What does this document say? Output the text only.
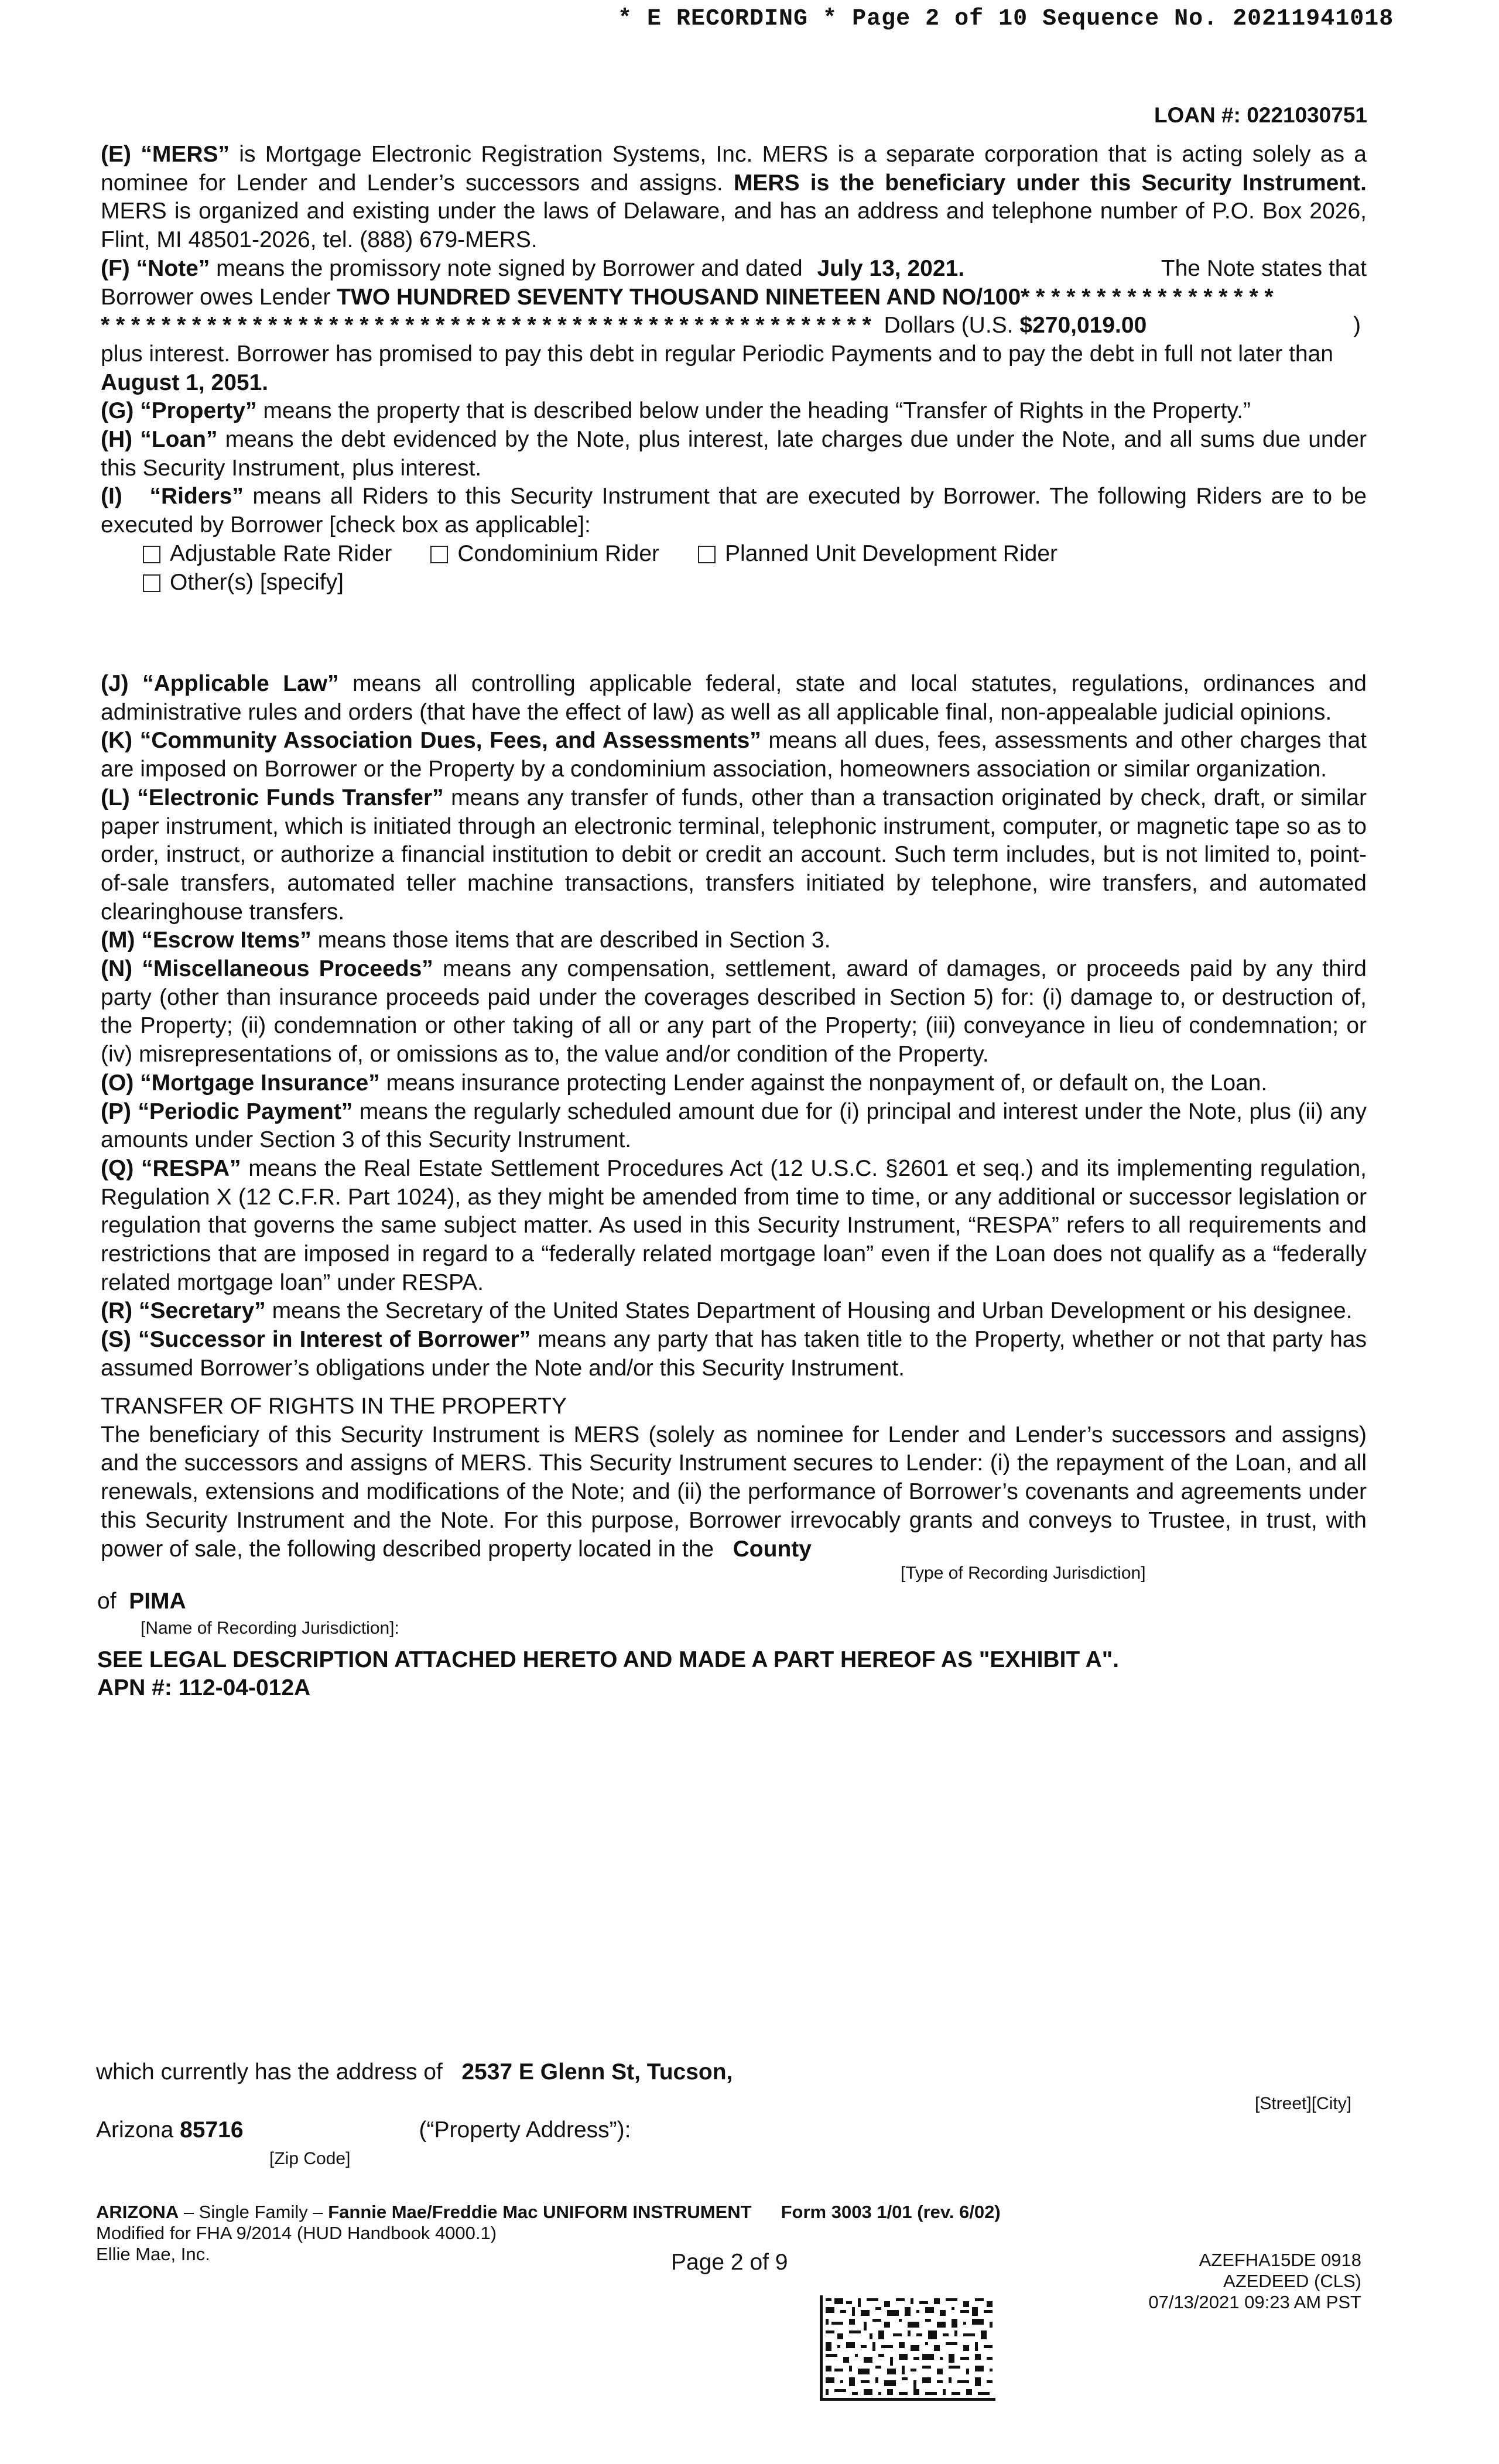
* E RECORDING * Page 2 of 10 Sequence No. 20211941018
LOAN #: 0221030751

(E) “MERS” is Mortgage Electronic Registration Systems, Inc. MERS is a separate corporation that is acting solely as a nominee for Lender and Lender’s successors and assigns. MERS is the beneficiary under this Security Instrument. MERS is organized and existing under the laws of Delaware, and has an address and telephone number of P.O. Box 2026, Flint, MI 48501-2026, tel. (888) 679-MERS.

(F) “Note” means the promissory note signed by Borrower and dated July 13, 2021.	The Note states that

Borrower owes Lender TWO HUNDRED SEVENTY THOUSAND NINETEEN AND NO/100* * * * * * * * * * * * * * * * *
* * * * * * * * * * * * * * * * * * * * * * * * * * * * * * * * * * * * * * * * * * * * * * * * * * * Dollars (U.S. $270,019.00	)

plus interest. Borrower has promised to pay this debt in regular Periodic Payments and to pay the debt in full not later than
August 1, 2051.

(G) “Property” means the property that is described below under the heading “Transfer of Rights in the Property.”

(H) “Loan” means the debt evidenced by the Note, plus interest, late charges due under the Note, and all sums due under this Security Instrument, plus interest.

(I) “Riders” means all Riders to this Security Instrument that are executed by Borrower. The following Riders are to be executed by Borrower [check box as applicable]:

Adjustable Rate Rider	Condominium Rider	Planned Unit Development Rider
Other(s) [specify]

(J) “Applicable Law” means all controlling applicable federal, state and local statutes, regulations, ordinances and administrative rules and orders (that have the effect of law) as well as all applicable final, non-appealable judicial opinions.

(K) “Community Association Dues, Fees, and Assessments” means all dues, fees, assessments and other charges that are imposed on Borrower or the Property by a condominium association, homeowners association or similar organization.

(L) “Electronic Funds Transfer” means any transfer of funds, other than a transaction originated by check, draft, or similar paper instrument, which is initiated through an electronic terminal, telephonic instrument, computer, or magnetic tape so as to order, instruct, or authorize a financial institution to debit or credit an account. Such term includes, but is not limited to, point-of-sale transfers, automated teller machine transactions, transfers initiated by telephone, wire transfers, and automated clearinghouse transfers.

(M) “Escrow Items” means those items that are described in Section 3.

(N) “Miscellaneous Proceeds” means any compensation, settlement, award of damages, or proceeds paid by any third party (other than insurance proceeds paid under the coverages described in Section 5) for: (i) damage to, or destruction of, the Property; (ii) condemnation or other taking of all or any part of the Property; (iii) conveyance in lieu of condemnation; or (iv) misrepresentations of, or omissions as to, the value and/or condition of the Property.

(O) “Mortgage Insurance” means insurance protecting Lender against the nonpayment of, or default on, the Loan.

(P) “Periodic Payment” means the regularly scheduled amount due for (i) principal and interest under the Note, plus (ii) any amounts under Section 3 of this Security Instrument.

(Q) “RESPA” means the Real Estate Settlement Procedures Act (12 U.S.C. §2601 et seq.) and its implementing regulation, Regulation X (12 C.F.R. Part 1024), as they might be amended from time to time, or any additional or successor legislation or regulation that governs the same subject matter. As used in this Security Instrument, “RESPA” refers to all requirements and restrictions that are imposed in regard to a “federally related mortgage loan” even if the Loan does not qualify as a “federally related mortgage loan” under RESPA.

(R) “Secretary” means the Secretary of the United States Department of Housing and Urban Development or his designee.

(S) “Successor in Interest of Borrower” means any party that has taken title to the Property, whether or not that party has assumed Borrower’s obligations under the Note and/or this Security Instrument.

TRANSFER OF RIGHTS IN THE PROPERTY

The beneficiary of this Security Instrument is MERS (solely as nominee for Lender and Lender’s successors and assigns) and the successors and assigns of MERS. This Security Instrument secures to Lender: (i) the repayment of the Loan, and all renewals, extensions and modifications of the Note; and (ii) the performance of Borrower’s covenants and agreements under this Security Instrument and the Note. For this purpose, Borrower irrevocably grants and conveys to Trustee, in trust, with power of sale, the following described property located in the County

[Type of Recording Jurisdiction]
of PIMA
[Name of Recording Jurisdiction]:
SEE LEGAL DESCRIPTION ATTACHED HERETO AND MADE A PART HEREOF AS "EXHIBIT A".
APN #: 112-04-012A
which currently has the address of 2537 E Glenn St, Tucson,
[Street][City]
Arizona 85716	(“Property Address”):
[Zip Code]
ARIZONA – Single Family – Fannie Mae/Freddie Mac UNIFORM INSTRUMENT Form 3003 1/01 (rev. 6/02)
Modified for FHA 9/2014 (HUD Handbook 4000.1)
Ellie Mae, Inc.	Page 2 of 9	AZEFHA15DE 0918
AZEDEED (CLS)
07/13/2021 09:23 AM PST
